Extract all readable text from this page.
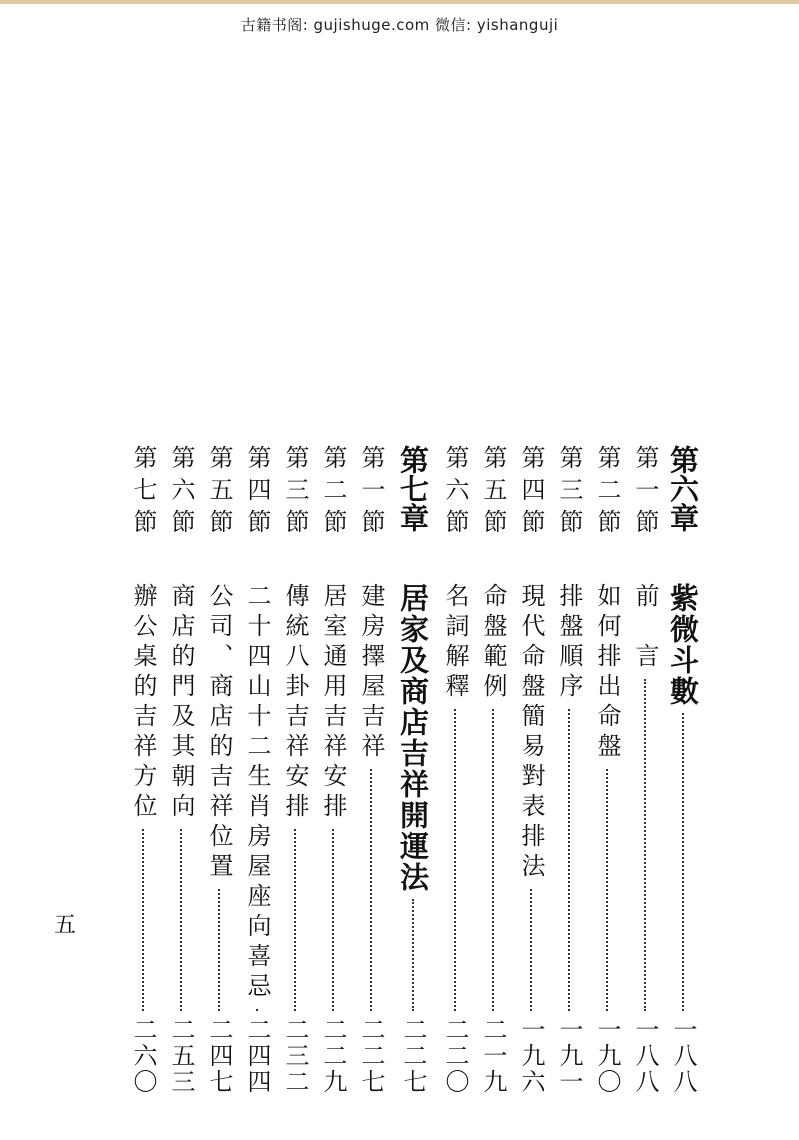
古籍书阁: gujishuge.com 微信: yishanguji
第六章
紫微斗數
一八八
第一節
前　言
一八八
第二節
如何排出命盤
一九〇
第三節
排盤順序
一九一
第四節
現代命盤簡易對表排法
一九六
第五節
命盤範例
二一九
第六節
名詞解釋
二二〇
第七章
居家及商店吉祥開運法
二二七
第一節
建房擇屋吉祥
二二七
第二節
居室通用吉祥安排
二二九
第三節
傳統八卦吉祥安排
二三二
第四節
二十四山十二生肖房屋座向喜忌
二四四
第五節
公司、商店的吉祥位置
二四七
第六節
商店的門及其朝向
二五三
第七節
辦公桌的吉祥方位
二六〇
五
